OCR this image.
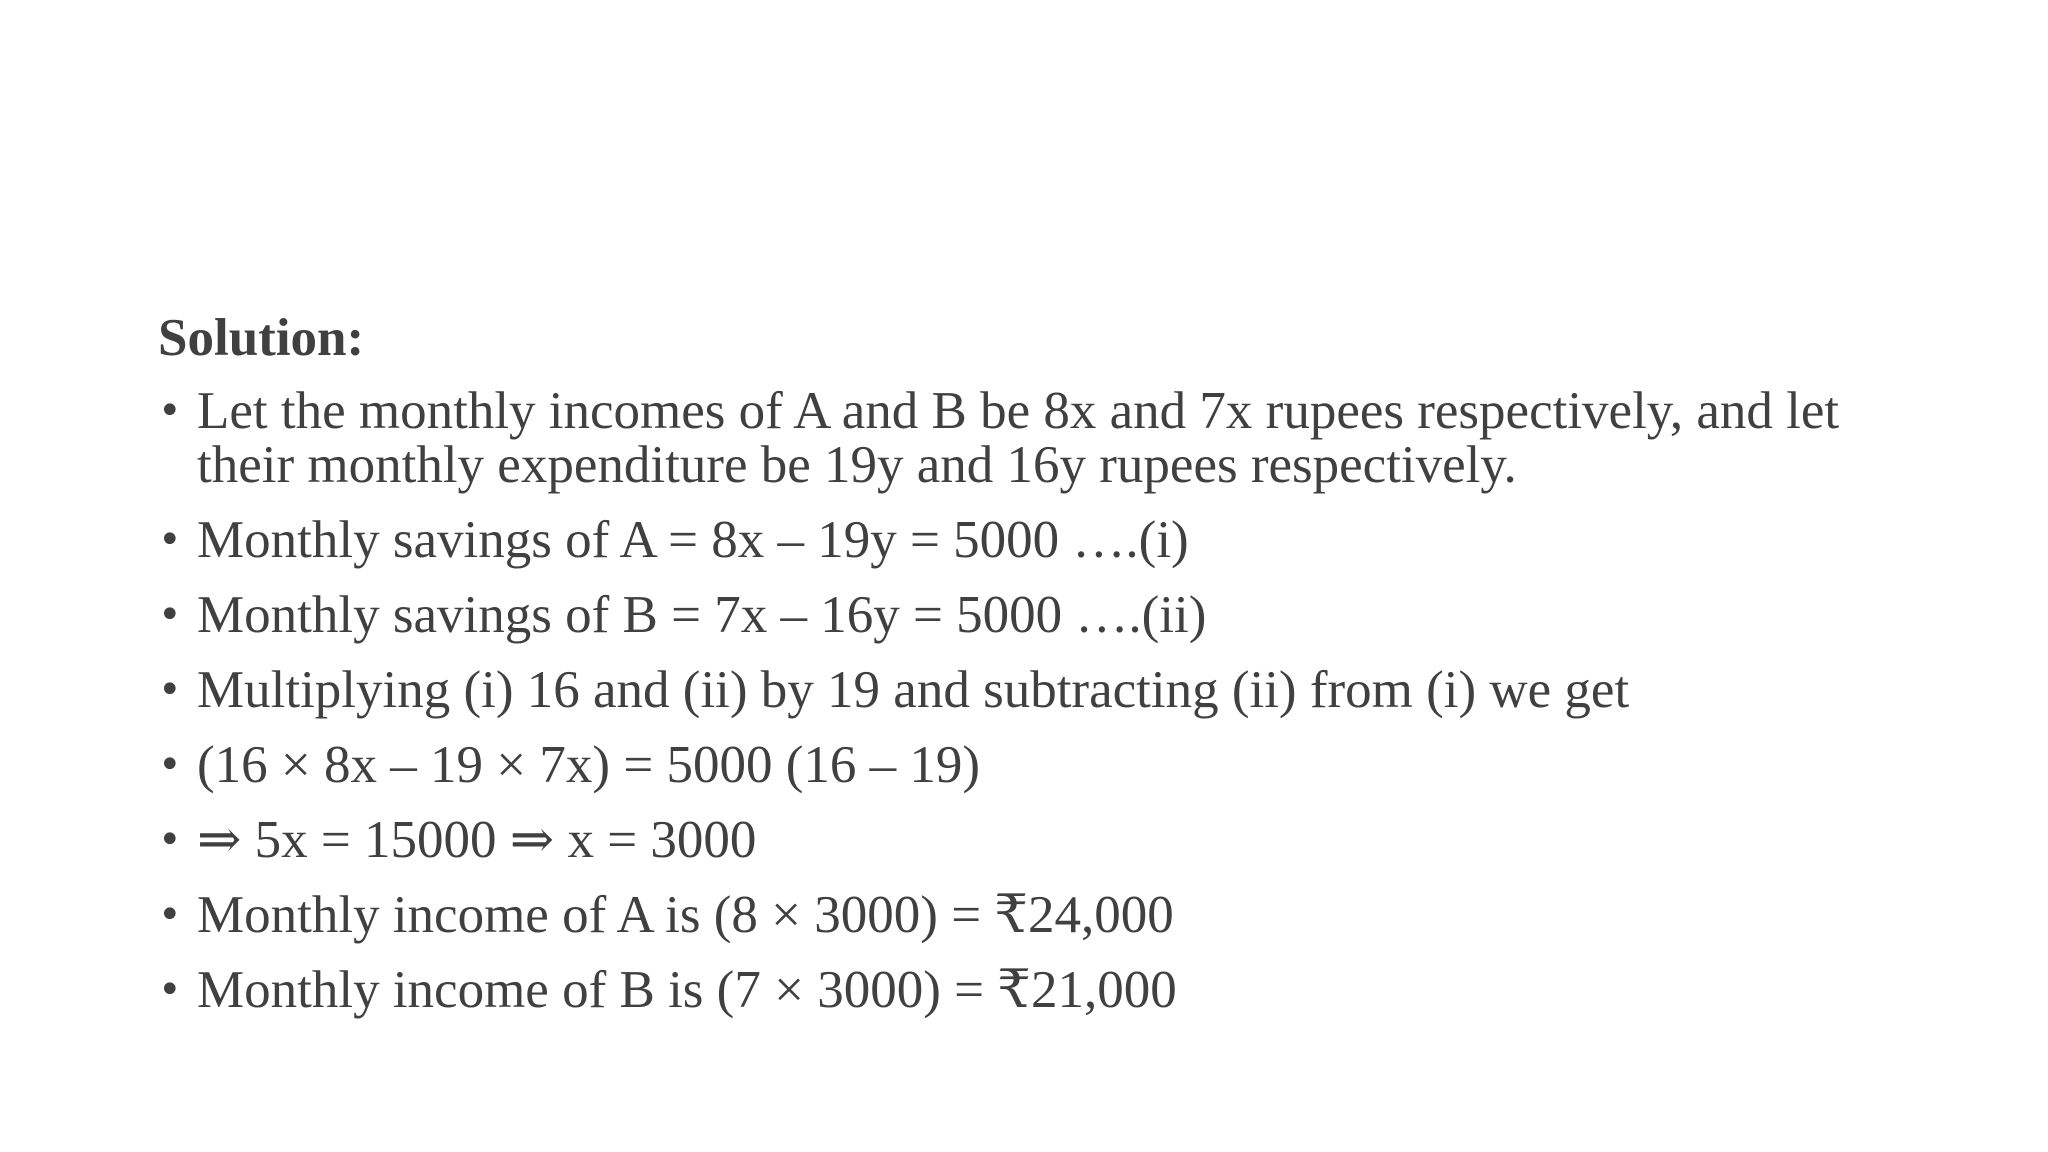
Solution:

• Let the monthly incomes of A and B be 8x and 7x rupees respectively, and let their monthly expenditure be 19y and 16y rupees respectively.
• Monthly savings of A = 8x – 19y = 5000 ….(i)
• Monthly savings of B = 7x – 16y = 5000 ….(ii)
• Multiplying (i) 16 and (ii) by 19 and subtracting (ii) from (i) we get
• (16 × 8x – 19 × 7x) = 5000 (16 – 19)
• ⇒ 5x = 15000 ⇒ x = 3000
• Monthly income of A is (8 × 3000) = ₹24,000
• Monthly income of B is (7 × 3000) = ₹21,000
